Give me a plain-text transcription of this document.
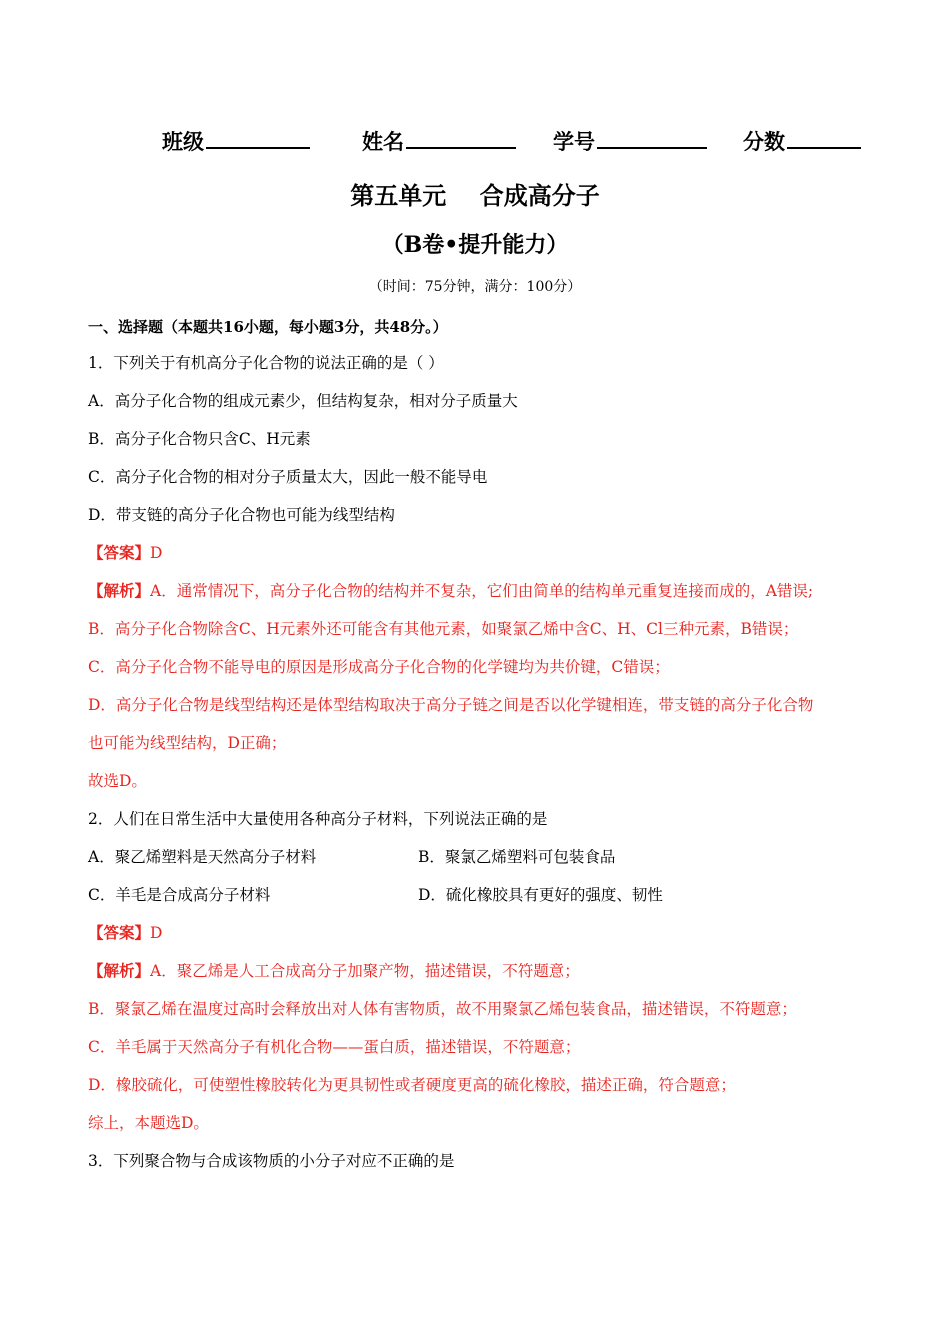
班级	姓名	学号	分数
第五单元    合成高分子
（B卷•提升能力）
（时间：75分钟，满分：100分）
一、选择题（本题共16小题，每小题3分，共48分。）
1．下列关于有机高分子化合物的说法正确的是（ ）
A．高分子化合物的组成元素少，但结构复杂，相对分子质量大
B．高分子化合物只含C、H元素
C．高分子化合物的相对分子质量太大，因此一般不能导电
D．带支链的高分子化合物也可能为线型结构
【答案】D
【解析】A．通常情况下，高分子化合物的结构并不复杂，它们由简单的结构单元重复连接而成的，A错误;
B．高分子化合物除含C、H元素外还可能含有其他元素，如聚氯乙烯中含C、H、Cl三种元素，B错误；
C．高分子化合物不能导电的原因是形成高分子化合物的化学键均为共价键，C错误；
D．高分子化合物是线型结构还是体型结构取决于高分子链之间是否以化学键相连，带支链的高分子化合物
也可能为线型结构，D正确；
故选D。
2．人们在日常生活中大量使用各种高分子材料，下列说法正确的是
A．聚乙烯塑料是天然高分子材料	B．聚氯乙烯塑料可包装食品
C．羊毛是合成高分子材料	D．硫化橡胶具有更好的强度、韧性
【答案】D
【解析】A．聚乙烯是人工合成高分子加聚产物，描述错误，不符题意；
B．聚氯乙烯在温度过高时会释放出对人体有害物质，故不用聚氯乙烯包装食品，描述错误，不符题意；
C．羊毛属于天然高分子有机化合物——蛋白质，描述错误，不符题意；
D．橡胶硫化，可使塑性橡胶转化为更具韧性或者硬度更高的硫化橡胶，描述正确，符合题意；
综上，本题选D。
3．下列聚合物与合成该物质的小分子对应不正确的是
